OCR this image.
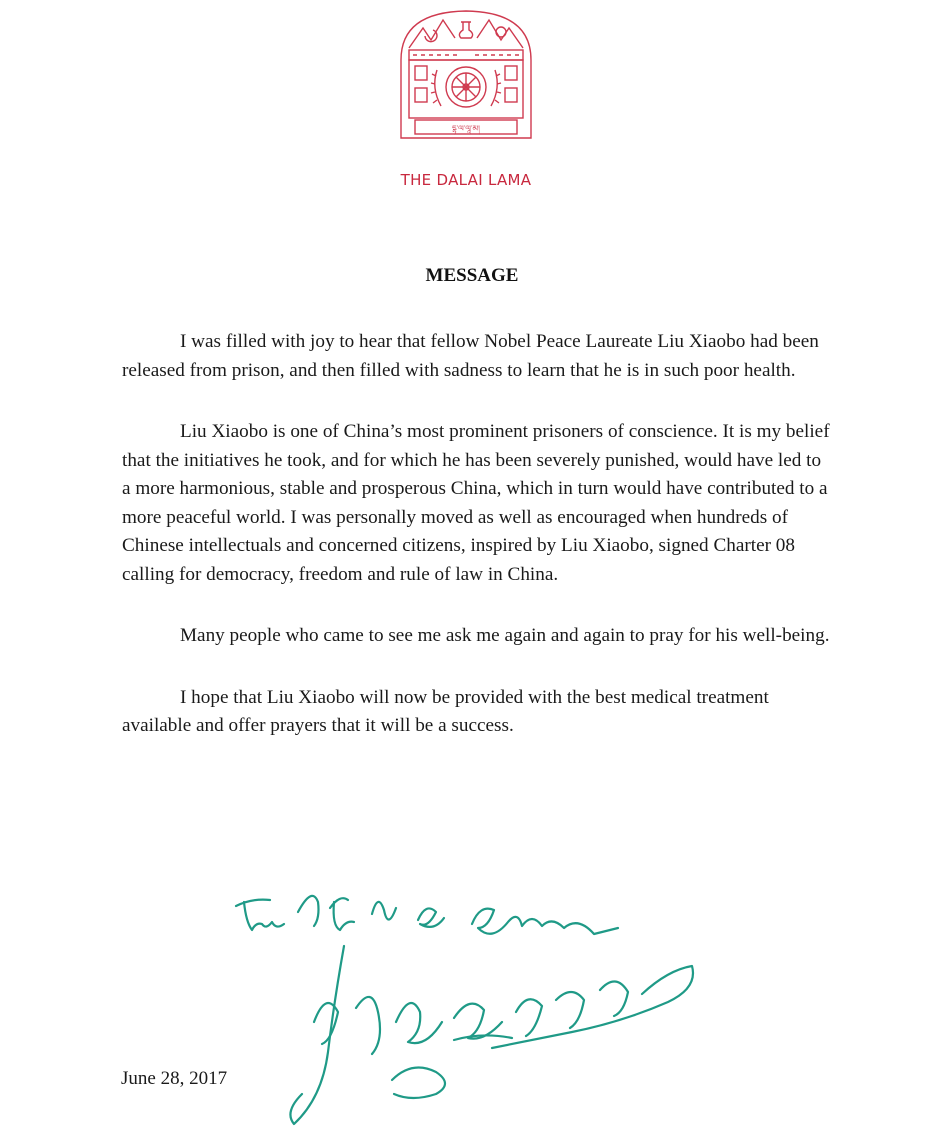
དྷ་ལ་ལཱ་མ།
THE DALAI LAMA
MESSAGE

I was filled with joy to hear that fellow Nobel Peace Laureate Liu Xiaobo had been released from prison, and then filled with sadness to learn that he is in such poor health.

Liu Xiaobo is one of China’s most prominent prisoners of conscience. It is my belief that the initiatives he took, and for which he has been severely punished, would have led to a more harmonious, stable and prosperous China, which in turn would have contributed to a more peaceful world. I was personally moved as well as encouraged when hundreds of Chinese intellectuals and concerned citizens, inspired by Liu Xiaobo, signed Charter 08 calling for democracy, freedom and rule of law in China.

Many people who came to see me ask me again and again to pray for his well-being.

I hope that Liu Xiaobo will now be provided with the best medical treatment available and offer prayers that it will be a success.

June 28, 2017
